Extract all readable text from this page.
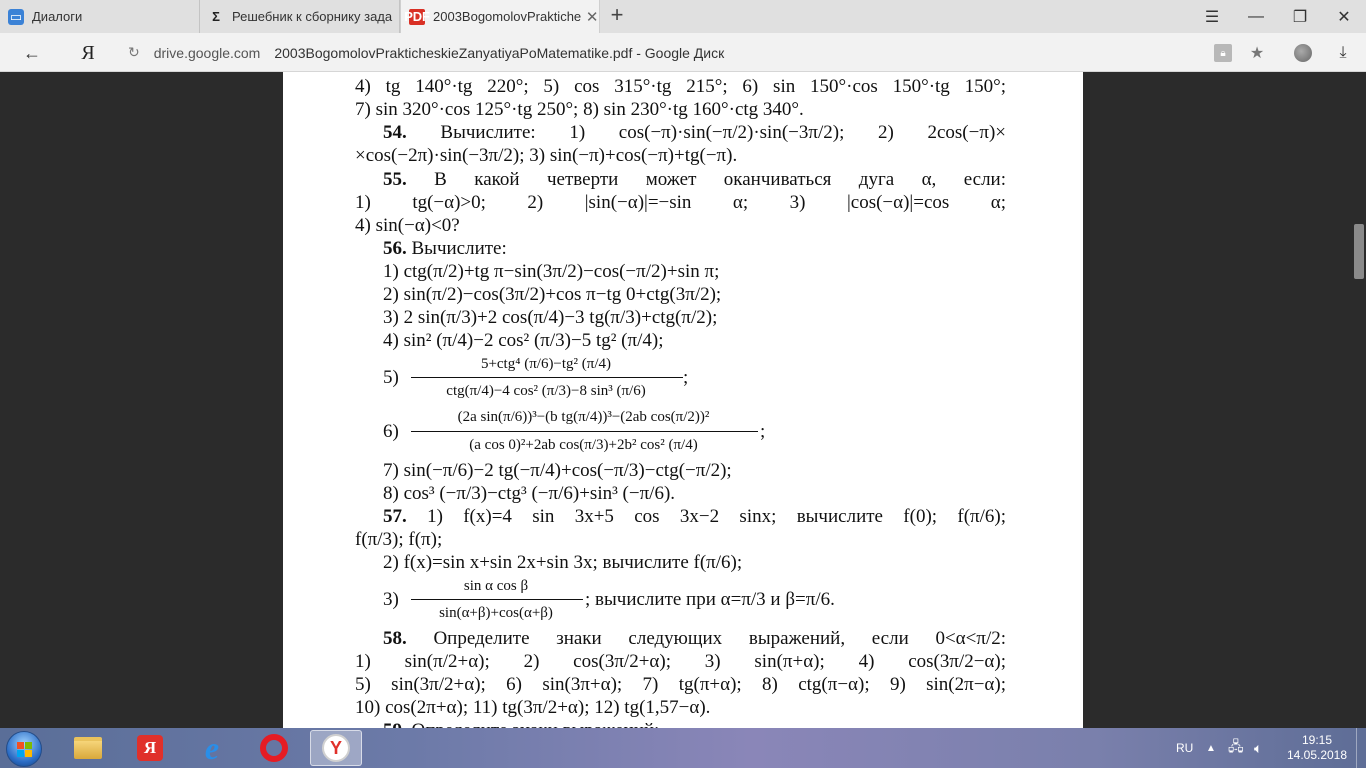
▭ Диалоги	Σ Решебник к сборнику зада PDF 2003BogomolovPraktiche ✕ +	☰	—	❐	✕
←	Я	↻ drive.google.com 2003BogomolovPrakticheskieZanyatiyaPoMatematike.pdf - Google Диск	🔒︎	★	⤓
4) tg 140°·tg 220°; 5) cos 315°·tg 215°; 6) sin 150°·cos 150°·tg 150°;
7) sin 320°·cos 125°·tg 250°; 8) sin 230°·tg 160°·ctg 340°.
54. Вычислите: 1) cos(−π)·sin(−π/2)·sin(−3π/2); 2) 2cos(−π)×
×cos(−2π)·sin(−3π/2); 3) sin(−π)+cos(−π)+tg(−π).
55. В какой четверти может оканчиваться дуга α, если:
1) tg(−α)>0; 2) |sin(−α)|=−sin α; 3) |cos(−α)|=cos α;
4) sin(−α)<0?
56. Вычислите:
1) ctg(π/2)+tg π−sin(3π/2)−cos(−π/2)+sin π;
2) sin(π/2)−cos(3π/2)+cos π−tg 0+ctg(3π/2);
3) 2 sin(π/3)+2 cos(π/4)−3 tg(π/3)+ctg(π/2);
4) sin² (π/4)−2 cos² (π/3)−5 tg² (π/4);
5)
5+ctg⁴ (π/6)−tg² (π/4)
ctg(π/4)−4 cos² (π/3)−8 sin³ (π/6)
;
6)
(2a sin(π/6))³−(b tg(π/4))³−(2ab cos(π/2))²
(a cos 0)²+2ab cos(π/3)+2b² cos² (π/4)
;
7) sin(−π/6)−2 tg(−π/4)+cos(−π/3)−ctg(−π/2);
8) cos³ (−π/3)−ctg³ (−π/6)+sin³ (−π/6).
57. 1) f(x)=4 sin 3x+5 cos 3x−2 sinx; вычислите f(0); f(π/6);
f(π/3); f(π);
2) f(x)=sin x+sin 2x+sin 3x; вычислите f(π/6);
3)
sin α cos β
sin(α+β)+cos(α+β)
; вычислите при α=π/3 и β=π/6.
58. Определите знаки следующих выражений, если 0<α<π/2:
1) sin(π/2+α); 2) cos(3π/2+α); 3) sin(π+α); 4) cos(3π/2−α);
5) sin(3π/2+α); 6) sin(3π+α); 7) tg(π+α); 8) ctg(π−α); 9) sin(2π−α);
10) cos(2π+α); 11) tg(3π/2+α); 12) tg(1,57−α).
Я e	Y	RU ▲ 🖧︎ 🔈︎	19:15
14.05.2018
